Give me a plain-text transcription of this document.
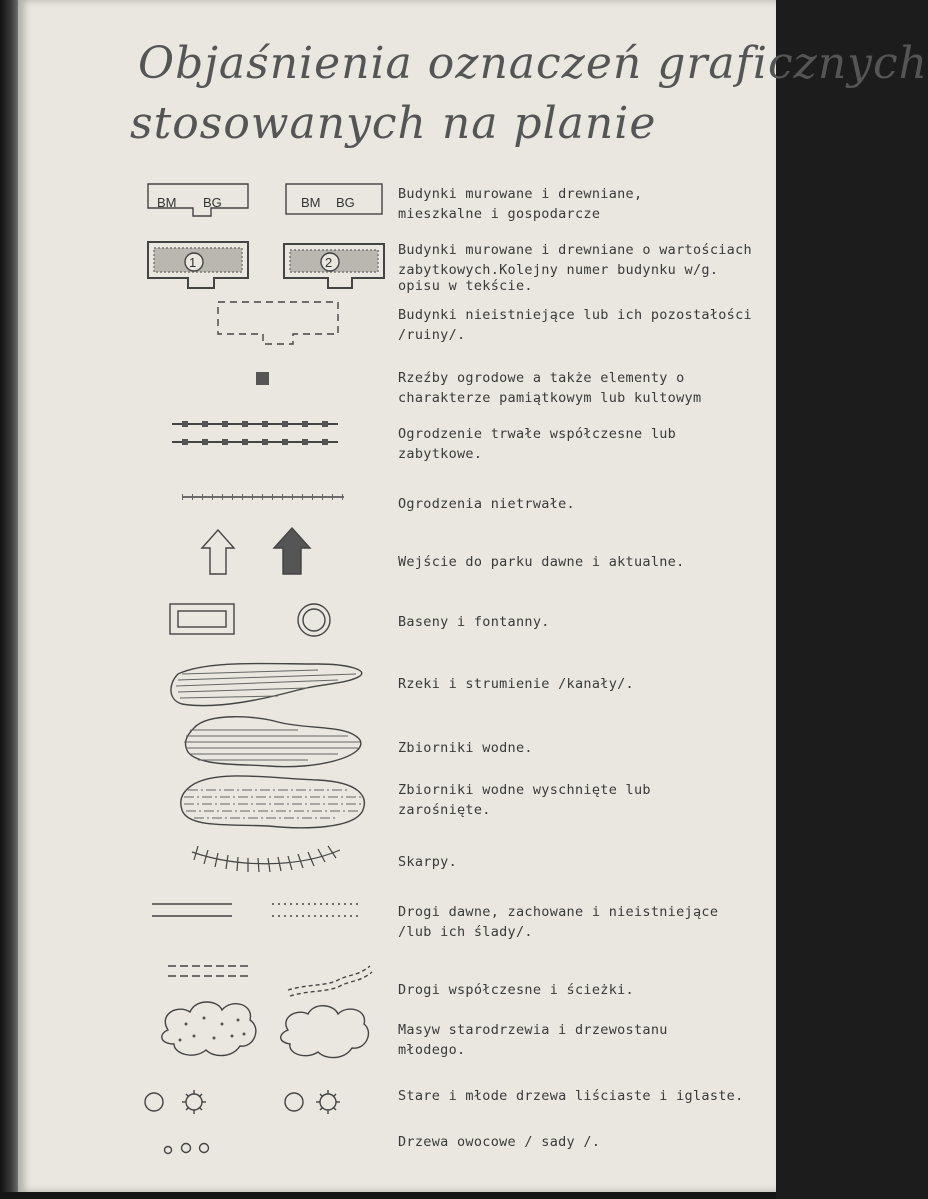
Objaśnienia oznaczeń graficznych
stosowanych na planie
BM BG	BM BG
1	2
Budynki murowane i drewniane,
mieszkalne i gospodarcze
Budynki murowane i drewniane o wartościach
zabytkowych.Kolejny numer budynku w/g.
opisu w tekście.
Budynki nieistniejące lub ich pozostałości
/ruiny/.
Rzeźby ogrodowe a także elementy o
charakterze pamiątkowym lub kultowym
Ogrodzenie trwałe współczesne lub
zabytkowe.
Ogrodzenia nietrwałe.
Wejście do parku dawne i aktualne.
Baseny i fontanny.
Rzeki i strumienie /kanały/.
Zbiorniki wodne.
Zbiorniki wodne wyschnięte lub
zarośnięte.
Skarpy.
Drogi dawne, zachowane i nieistniejące
/lub ich ślady/.
Drogi współczesne i ścieżki.
Masyw starodrzewia i drzewostanu
młodego.
Stare i młode drzewa liściaste i iglaste.
Drzewa owocowe / sady /.
